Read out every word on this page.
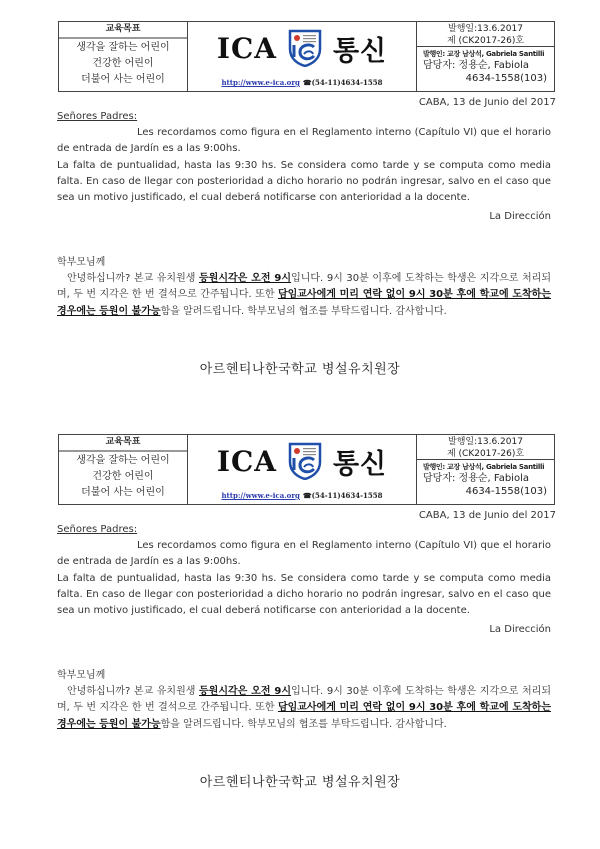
교육목표
생각을 잘하는 어린이
건강한 어린이
더불어 사는 어린이
ICA 통신
http://www.e-ica.org ☎(54-11)4634-1558
발행일:13.6.2017
제 (CK2017-26)호
발행인: 교장 남상석, Gabriela Santilli
담당자: 정용순, Fabiola
4634-1558(103)
CABA, 13 de Junio del 2017

Señores Padres:

Les recordamos como figura en el Reglamento interno (Capítulo VI) que el horario de entrada de Jardín es a las 9:00hs.

La falta de puntualidad, hasta las 9:30 hs. Se considera como tarde y se computa como media falta. En caso de llegar con posterioridad a dicho horario no podrán ingresar, salvo en el caso que sea un motivo justificado, el cual deberá notificarse con anterioridad a la docente.

La Dirección

학부모님께

안녕하십니까? 본교 유치원생 등원시각은 오전 9시입니다. 9시 30분 이후에 도착하는 학생은 지각으로 처리되며, 두 번 지각은 한 번 결석으로 간주됩니다. 또한 담임교사에게 미리 연락 없이 9시 30분 후에 학교에 도착하는 경우에는 등원이 불가능함을 알려드립니다. 학부모님의 협조를 부탁드립니다. 감사합니다.

아르헨티나한국학교 병설유치원장
교육목표
생각을 잘하는 어린이
건강한 어린이
더불어 사는 어린이
ICA 통신
http://www.e-ica.org ☎(54-11)4634-1558
발행일:13.6.2017
제 (CK2017-26)호
발행인: 교장 남상석, Gabriela Santilli
담당자: 정용순, Fabiola
4634-1558(103)
CABA, 13 de Junio del 2017

Señores Padres:

Les recordamos como figura en el Reglamento interno (Capítulo VI) que el horario de entrada de Jardín es a las 9:00hs.

La falta de puntualidad, hasta las 9:30 hs. Se considera como tarde y se computa como media falta. En caso de llegar con posterioridad a dicho horario no podrán ingresar, salvo en el caso que sea un motivo justificado, el cual deberá notificarse con anterioridad a la docente.

La Dirección

학부모님께

안녕하십니까? 본교 유치원생 등원시각은 오전 9시입니다. 9시 30분 이후에 도착하는 학생은 지각으로 처리되며, 두 번 지각은 한 번 결석으로 간주됩니다. 또한 담임교사에게 미리 연락 없이 9시 30분 후에 학교에 도착하는 경우에는 등원이 불가능함을 알려드립니다. 학부모님의 협조를 부탁드립니다. 감사합니다.

아르헨티나한국학교 병설유치원장
